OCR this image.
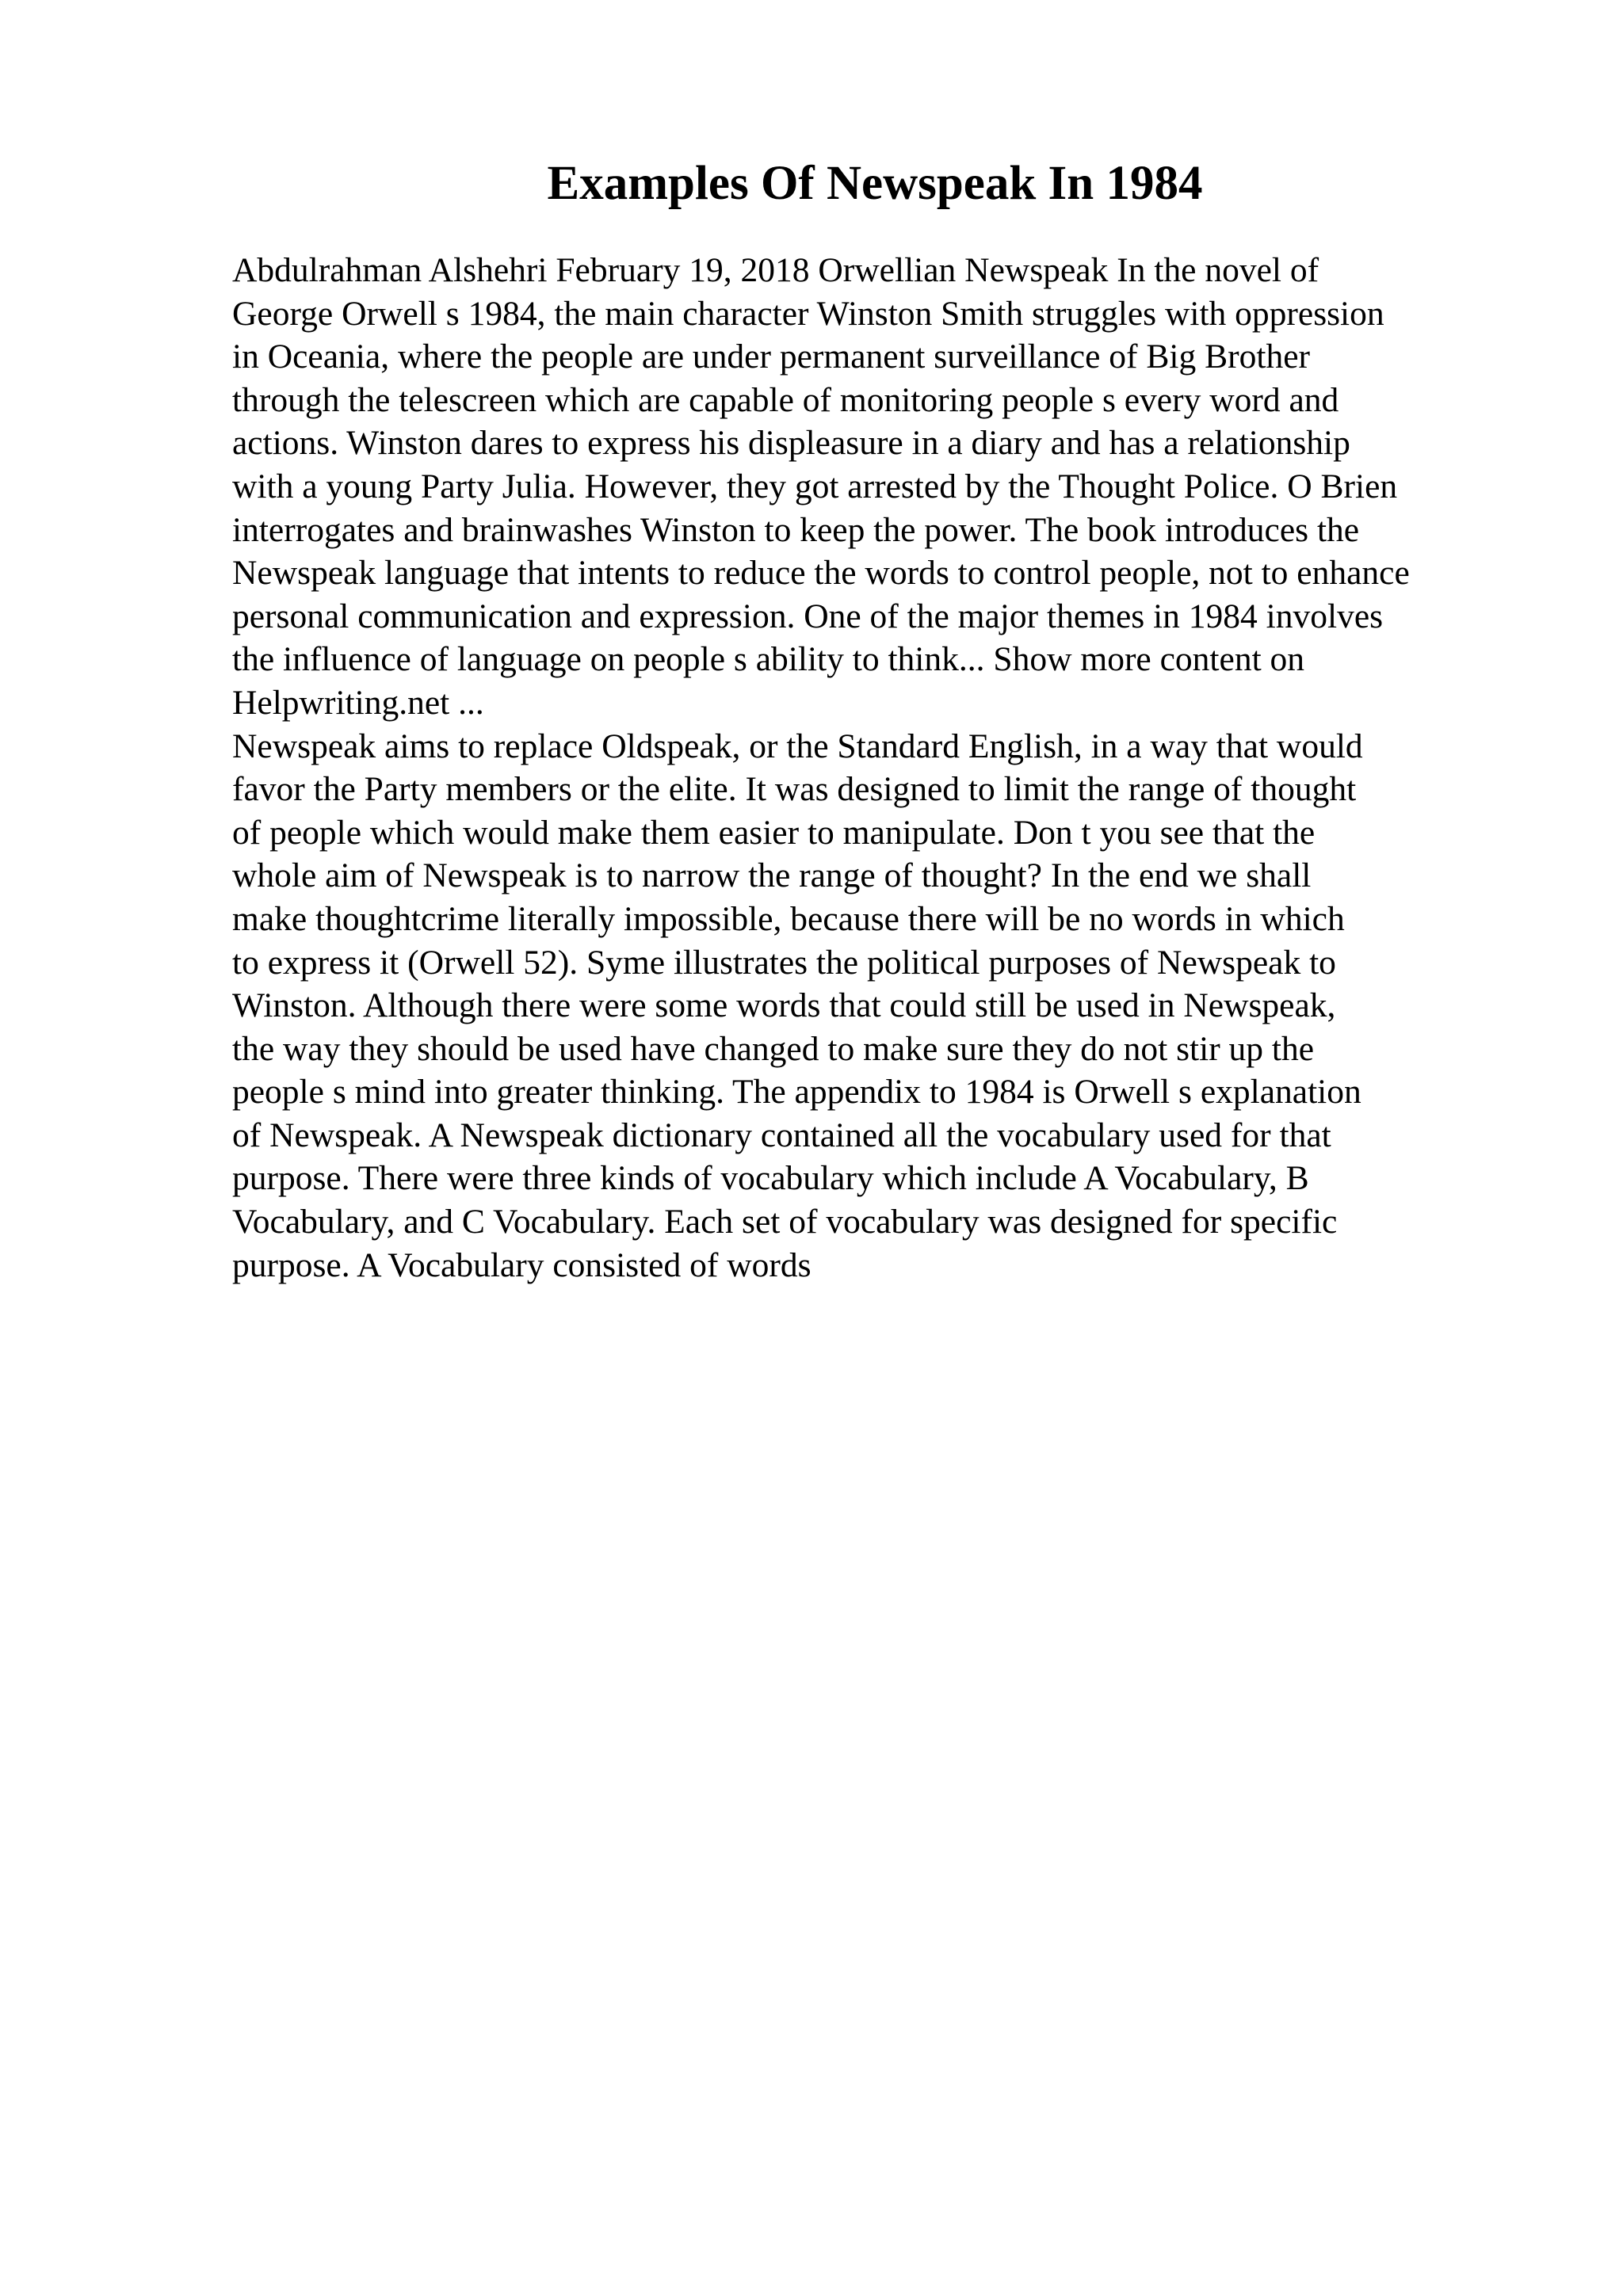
Examples Of Newspeak In 1984
Abdulrahman Alshehri February 19, 2018 Orwellian Newspeak In the novel of
George Orwell s 1984, the main character Winston Smith struggles with oppression
in Oceania, where the people are under permanent surveillance of Big Brother
through the telescreen which are capable of monitoring people s every word and
actions. Winston dares to express his displeasure in a diary and has a relationship
with a young Party Julia. However, they got arrested by the Thought Police. O Brien
interrogates and brainwashes Winston to keep the power. The book introduces the
Newspeak language that intents to reduce the words to control people, not to enhance
personal communication and expression. One of the major themes in 1984 involves
the influence of language on people s ability to think... Show more content on
Helpwriting.net ...
Newspeak aims to replace Oldspeak, or the Standard English, in a way that would
favor the Party members or the elite. It was designed to limit the range of thought
of people which would make them easier to manipulate. Don t you see that the
whole aim of Newspeak is to narrow the range of thought? In the end we shall
make thoughtcrime literally impossible, because there will be no words in which
to express it (Orwell 52). Syme illustrates the political purposes of Newspeak to
Winston. Although there were some words that could still be used in Newspeak,
the way they should be used have changed to make sure they do not stir up the
people s mind into greater thinking. The appendix to 1984 is Orwell s explanation
of Newspeak. A Newspeak dictionary contained all the vocabulary used for that
purpose. There were three kinds of vocabulary which include A Vocabulary, B
Vocabulary, and C Vocabulary. Each set of vocabulary was designed for specific
purpose. A Vocabulary consisted of words
